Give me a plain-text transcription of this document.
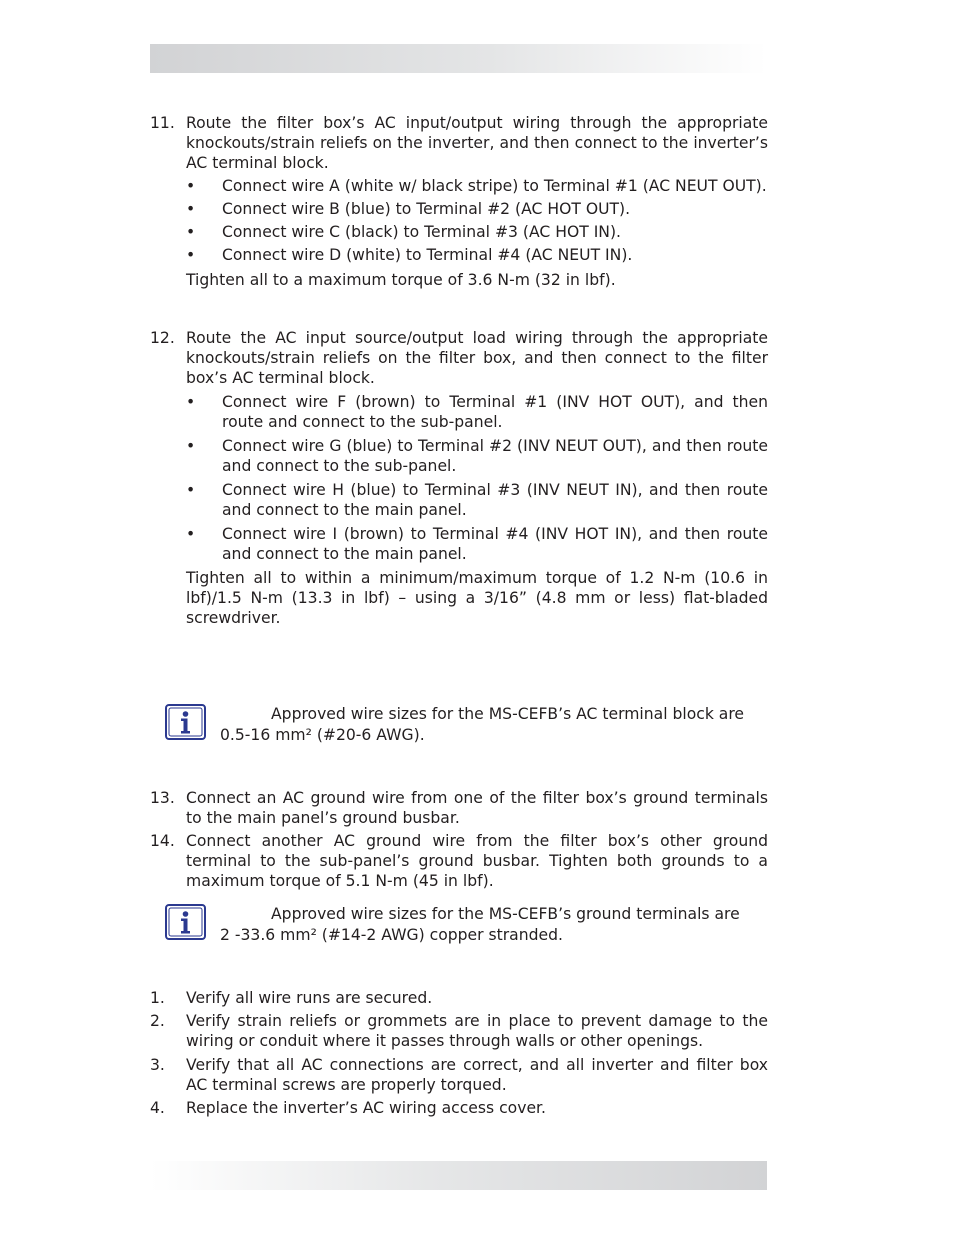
11. Route the filter box’s AC input/output wiring through the appropriate knockouts/strain reliefs on the inverter, and then connect to the inverter’s AC terminal block.
• Connect wire A (white w/ black stripe) to Terminal #1 (AC NEUT OUT).
• Connect wire B (blue) to Terminal #2 (AC HOT OUT).
• Connect wire C (black) to Terminal #3 (AC HOT IN).
• Connect wire D (white) to Terminal #4 (AC NEUT IN).
Tighten all to a maximum torque of 3.6 N-m (32 in lbf).
12. Route the AC input source/output load wiring through the appropriate knockouts/strain reliefs on the filter box, and then connect to the filter box’s AC terminal block.
• Connect wire F (brown) to Terminal #1 (INV HOT OUT), and then route and connect to the sub-panel.
• Connect wire G (blue) to Terminal #2 (INV NEUT OUT), and then route and connect to the sub-panel.
• Connect wire H (blue) to Terminal #3 (INV NEUT IN), and then route and connect to the main panel.
• Connect wire I (brown) to Terminal #4 (INV HOT IN), and then route and connect to the main panel.
Tighten all to within a minimum/maximum torque of 1.2 N-m (10.6 in lbf)/1.5 N-m (13.3 in lbf) – using a 3/16” (4.8 mm or less) flat-bladed screwdriver.
Approved wire sizes for the MS-CEFB’s AC terminal block are
0.5-16 mm² (#20-6 AWG).
13. Connect an AC ground wire from one of the filter box’s ground terminals to the main panel’s ground busbar.
14. Connect another AC ground wire from the filter box’s other ground terminal to the sub-panel’s ground busbar. Tighten both grounds to a maximum torque of 5.1 N-m (45 in lbf).
Approved wire sizes for the MS-CEFB’s ground terminals are
2 -33.6 mm² (#14-2 AWG) copper stranded.
1. Verify all wire runs are secured.
2. Verify strain reliefs or grommets are in place to prevent damage to the wiring or conduit where it passes through walls or other openings.
3. Verify that all AC connections are correct, and all inverter and filter box AC terminal screws are properly torqued.
4. Replace the inverter’s AC wiring access cover.
